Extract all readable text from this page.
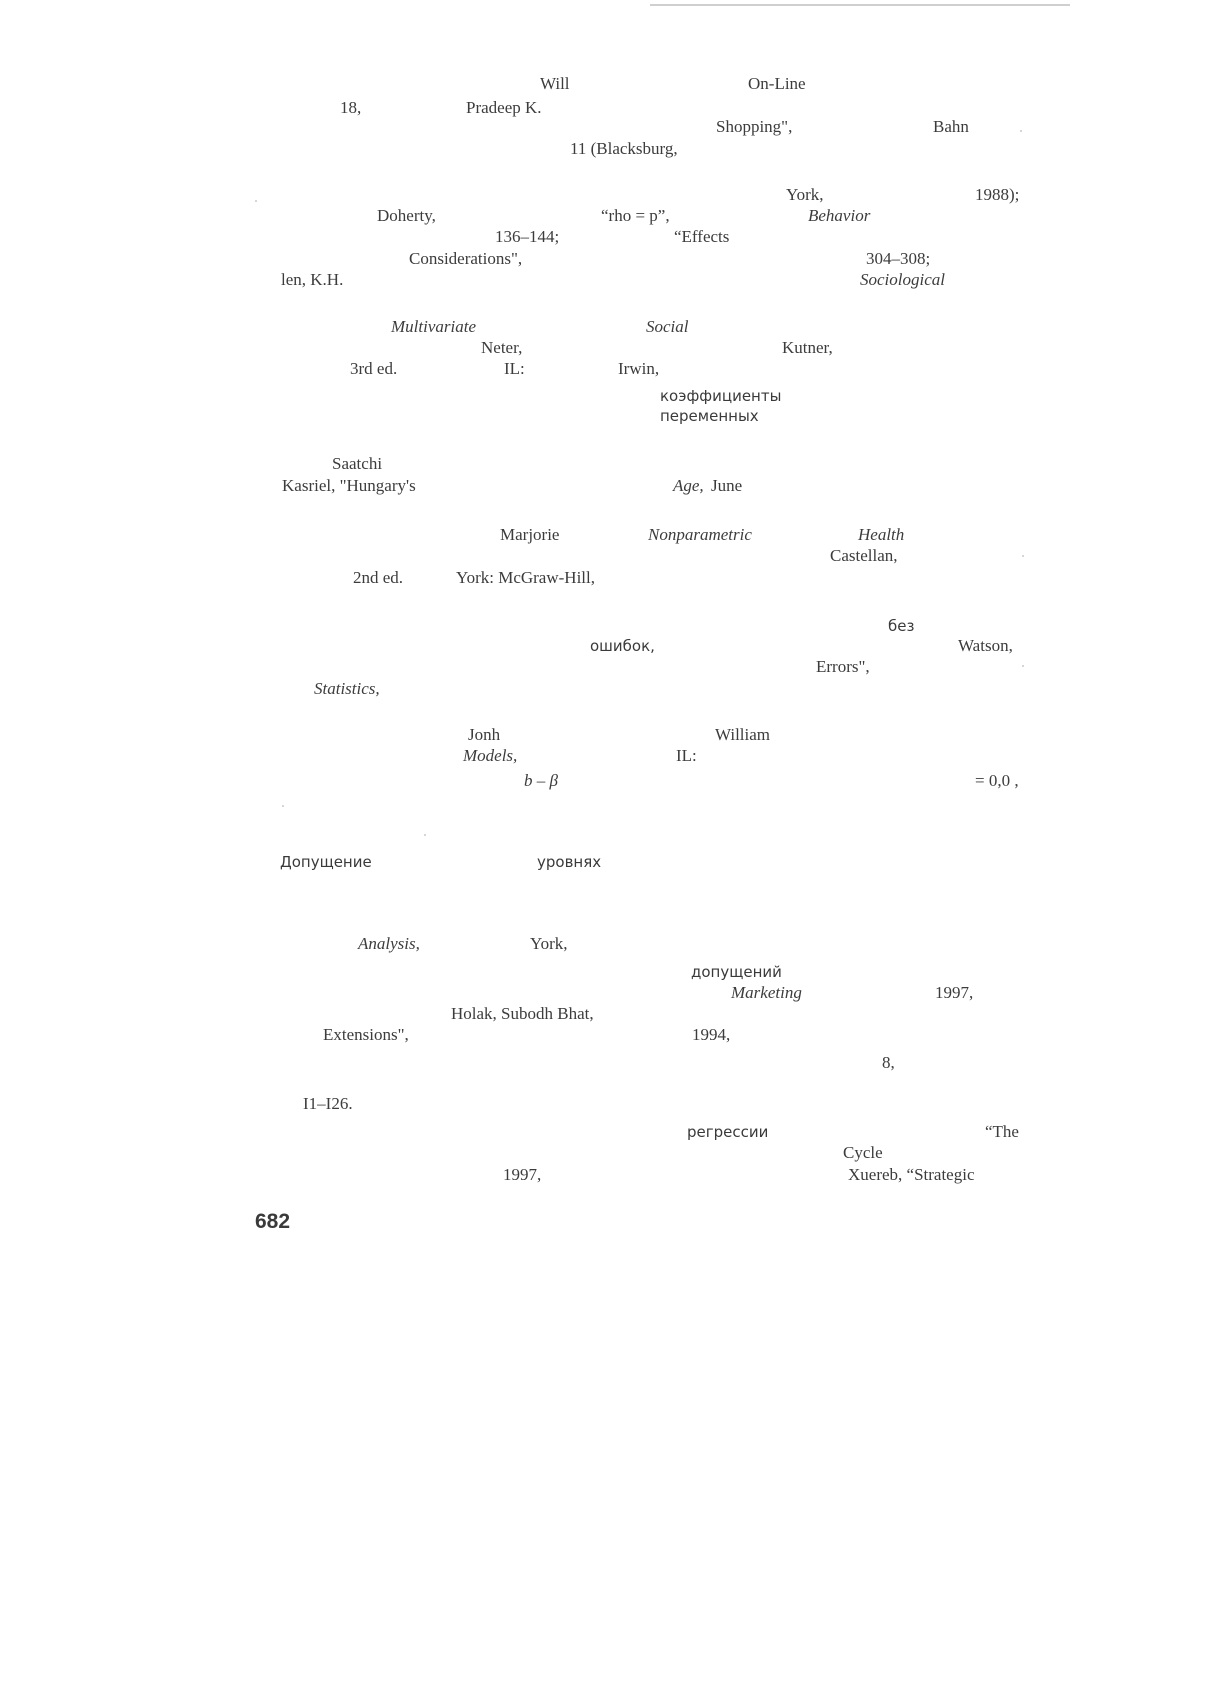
Will	On-Line
18,	Pradeep K.
Shopping",	Bahn
11 (Blacksburg,
York,	1988);
Doherty,	“rho = p”,	Behavior
136–144;	“Effects
Considerations",	304–308;
len, K.H.	Sociological
Multivariate	Social
Neter,	Kutner,
3rd ed.	IL:	Irwin,
коэффициенты
переменных
Saatchi
Kasriel, "Hungary's	Age, June
Marjorie	Nonparametric	Health
Castellan,
2nd ed.	York: McGraw-Hill,
без
ошибок,	Watson,
Errors",
Statistics,
Jonh	William
Models,	IL:
b – β	= 0,0 ,
Допущение	уровнях
Analysis,	York,
допущений
Marketing	1997,
Holak, Subodh Bhat,
Extensions",	1994,
8,
I1–I26.
регрессии	“The
Cycle
1997,	Xuereb, “Strategic
682
